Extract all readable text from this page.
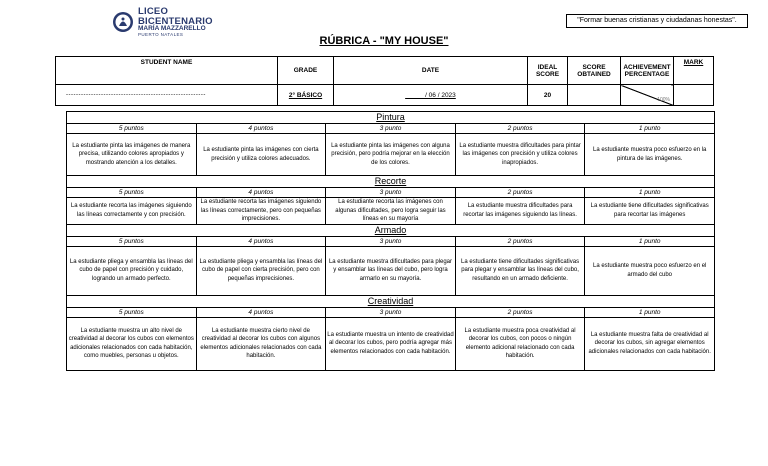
LICEO
BICENTENARIO
MARÍA MAZZARELLO
PUERTO NATALES
"Formar buenas cristianas y ciudadanas honestas".
RÚBRICA - "MY HOUSE"
STUDENT NAME	GRADE	DATE	IDEAL SCORE	SCORE OBTAINED	ACHIEVEMENT PERCENTAGE	MARK
--------------------------------------------------------	2° BÁSICO	_____ / 06 / 2023	20		100%	

Pintura				
5 puntos	4 puntos	3 punto	2 puntos	1 punto
La estudiante pinta las imágenes de manera precisa, utilizando colores apropiados y mostrando atención a los detalles.	La estudiante pinta las imágenes con cierta precisión y utiliza colores adecuados.	La estudiante pinta las imágenes con alguna precisión, pero podría mejorar en la elección de los colores.	La estudiante muestra dificultades para pintar las imágenes con precisión y utiliza colores inapropiados.	La estudiante muestra poco esfuerzo en la pintura de las imágenes.
Recorte				
5 puntos	4 puntos	3 punto	2 puntos	1 punto
La estudiante recorta las imágenes siguiendo las líneas correctamente y con precisión.	La estudiante recorta las imágenes siguiendo las líneas correctamente, pero con pequeñas imprecisiones.	La estudiante recorta las imágenes con algunas dificultades, pero logra seguir las líneas en su mayoría	La estudiante muestra dificultades para recortar las imágenes siguiendo las líneas.	La estudiante tiene dificultades significativas para recortar las imágenes
Armado				
5 puntos	4 puntos	3 punto	2 puntos	1 punto
La estudiante pliega y ensambla las líneas del cubo de papel con precisión y cuidado, logrando un armado perfecto.	La estudiante pliega y ensambla las líneas del cubo de papel con cierta precisión, pero con pequeñas imprecisiones.	La estudiante muestra dificultades para plegar y ensamblar las líneas del cubo, pero logra armarlo en su mayoría.	La estudiante tiene dificultades significativas para plegar y ensamblar las líneas del cubo, resultando en un armado deficiente.	La estudiante muestra poco esfuerzo en el armado del cubo
Creatividad				
5 puntos	4 puntos	3 punto	2 puntos	1 punto
La estudiante muestra un alto nivel de creatividad al decorar los cubos con elementos adicionales relacionados con cada habitación, como muebles, personas u objetos.	La estudiante muestra cierto nivel de creatividad al decorar los cubos con algunos elementos adicionales relacionados con cada habitación.	La estudiante muestra un intento de creatividad al decorar los cubos, pero podría agregar más elementos relacionados con cada habitación.	La estudiante muestra poca creatividad al decorar los cubos, con pocos o ningún elemento adicional relacionado con cada habitación.	La estudiante muestra falta de creatividad al decorar los cubos, sin agregar elementos adicionales relacionados con cada habitación.
